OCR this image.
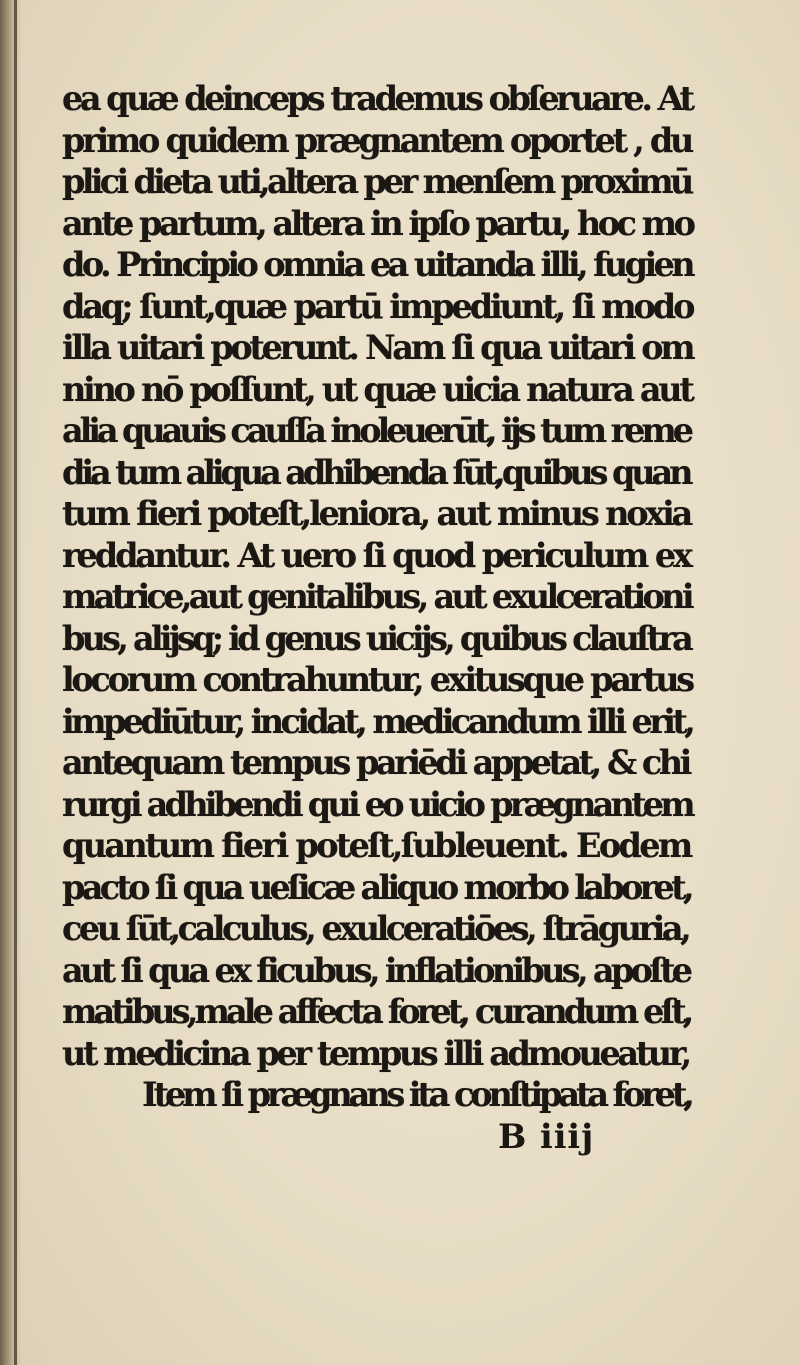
ea quæ deinceps trademus obſeruare. At
primo quidem prægnantem oportet , du
plici dieta uti,altera per menſem proximū
ante partum, altera in ipſo partu, hoc mo
do. Principio omnia ea uitanda illi, fugien
daq; ſunt,quæ partū impediunt, ſi modo
illa uitari poterunt. Nam ſi qua uitari om
nino nō poſſunt, ut quæ uicia natura aut
alia quauis cauſſa inoleuerūt, ijs tum reme
dia tum aliqua adhibenda ſūt,quibus quan
tum fieri poteſt,leniora, aut minus noxia
reddantur. At uero ſi quod periculum ex
matrice,aut genitalibus, aut exulcerationi
bus, alijsq; id genus uicijs, quibus clauſtra
locorum contrahuntur, exitusque partus
impediūtur, incidat, medicandum illi erit,
antequam tempus pariēdi appetat, & chi
rurgi adhibendi qui eo uicio prægnantem
quantum fieri poteſt,ſubleuent. Eodem
pacto ſi qua ueſicæ aliquo morbo laboret,
ceu ſūt,calculus, exulceratiōes, ſtrāguria,
aut ſi qua ex ficubus, inflationibus, apoſte
matibus,male affecta foret, curandum eſt,
ut medicina per tempus illi admoueatur,
Item ſi prægnans ita conſtipata foret,
B iiij
